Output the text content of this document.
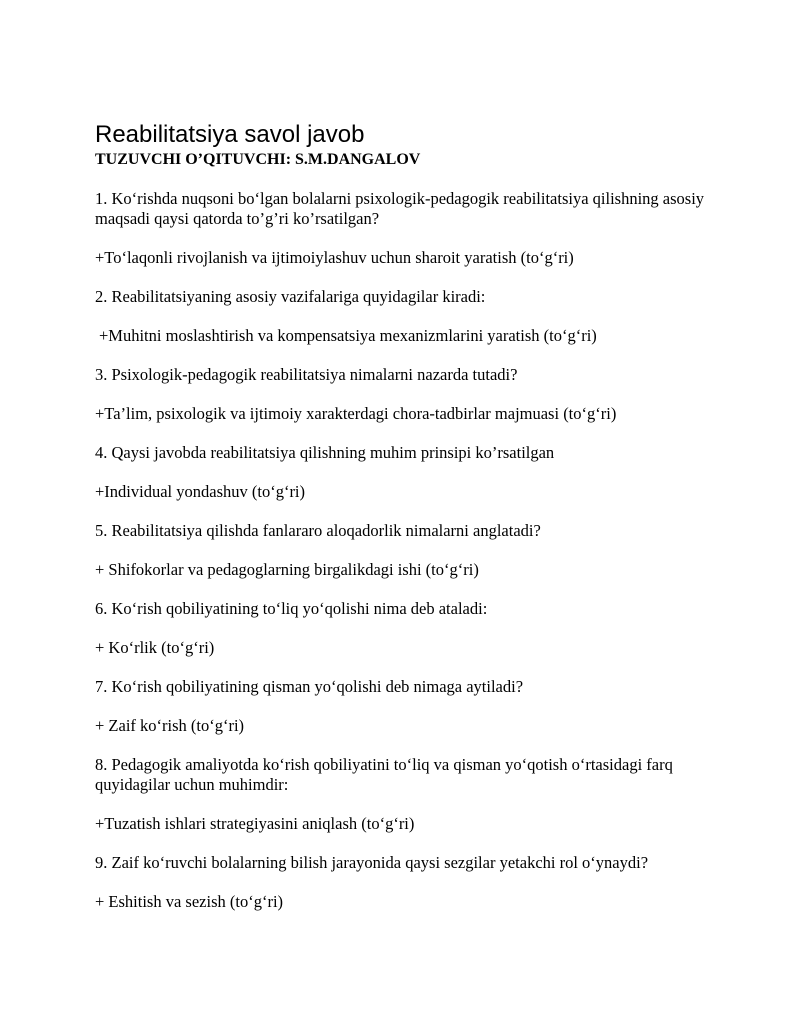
Reabilitatsiya savol javob
TUZUVCHI O’QITUVCHI: S.M.DANGALOV
1. Ko‘rishda nuqsoni bo‘lgan bolalarni psixologik-pedagogik reabilitatsiya qilishning asosiy maqsadi qaysi qatorda to’g’ri ko’rsatilgan?
+To‘laqonli rivojlanish va ijtimoiylashuv uchun sharoit yaratish (to‘g‘ri)
2. Reabilitatsiyaning asosiy vazifalariga quyidagilar kiradi:
+Muhitni moslashtirish va kompensatsiya mexanizmlarini yaratish (to‘g‘ri)
3. Psixologik-pedagogik reabilitatsiya nimalarni nazarda tutadi?
+Ta’lim, psixologik va ijtimoiy xarakterdagi chora-tadbirlar majmuasi (to‘g‘ri)
4. Qaysi javobda reabilitatsiya qilishning muhim prinsipi ko’rsatilgan
+Individual yondashuv (to‘g‘ri)
5. Reabilitatsiya qilishda fanlararo aloqadorlik nimalarni anglatadi?
+ Shifokorlar va pedagoglarning birgalikdagi ishi (to‘g‘ri)
6. Ko‘rish qobiliyatining to‘liq yo‘qolishi nima deb ataladi:
+ Ko‘rlik (to‘g‘ri)
7. Ko‘rish qobiliyatining qisman yo‘qolishi deb nimaga aytiladi?
+ Zaif ko‘rish (to‘g‘ri)
8. Pedagogik amaliyotda ko‘rish qobiliyatini to‘liq va qisman yo‘qotish o‘rtasidagi farq quyidagilar uchun muhimdir:
+Tuzatish ishlari strategiyasini aniqlash (to‘g‘ri)
9. Zaif ko‘ruvchi bolalarning bilish jarayonida qaysi sezgilar yetakchi rol o‘ynaydi?
+ Eshitish va sezish (to‘g‘ri)
